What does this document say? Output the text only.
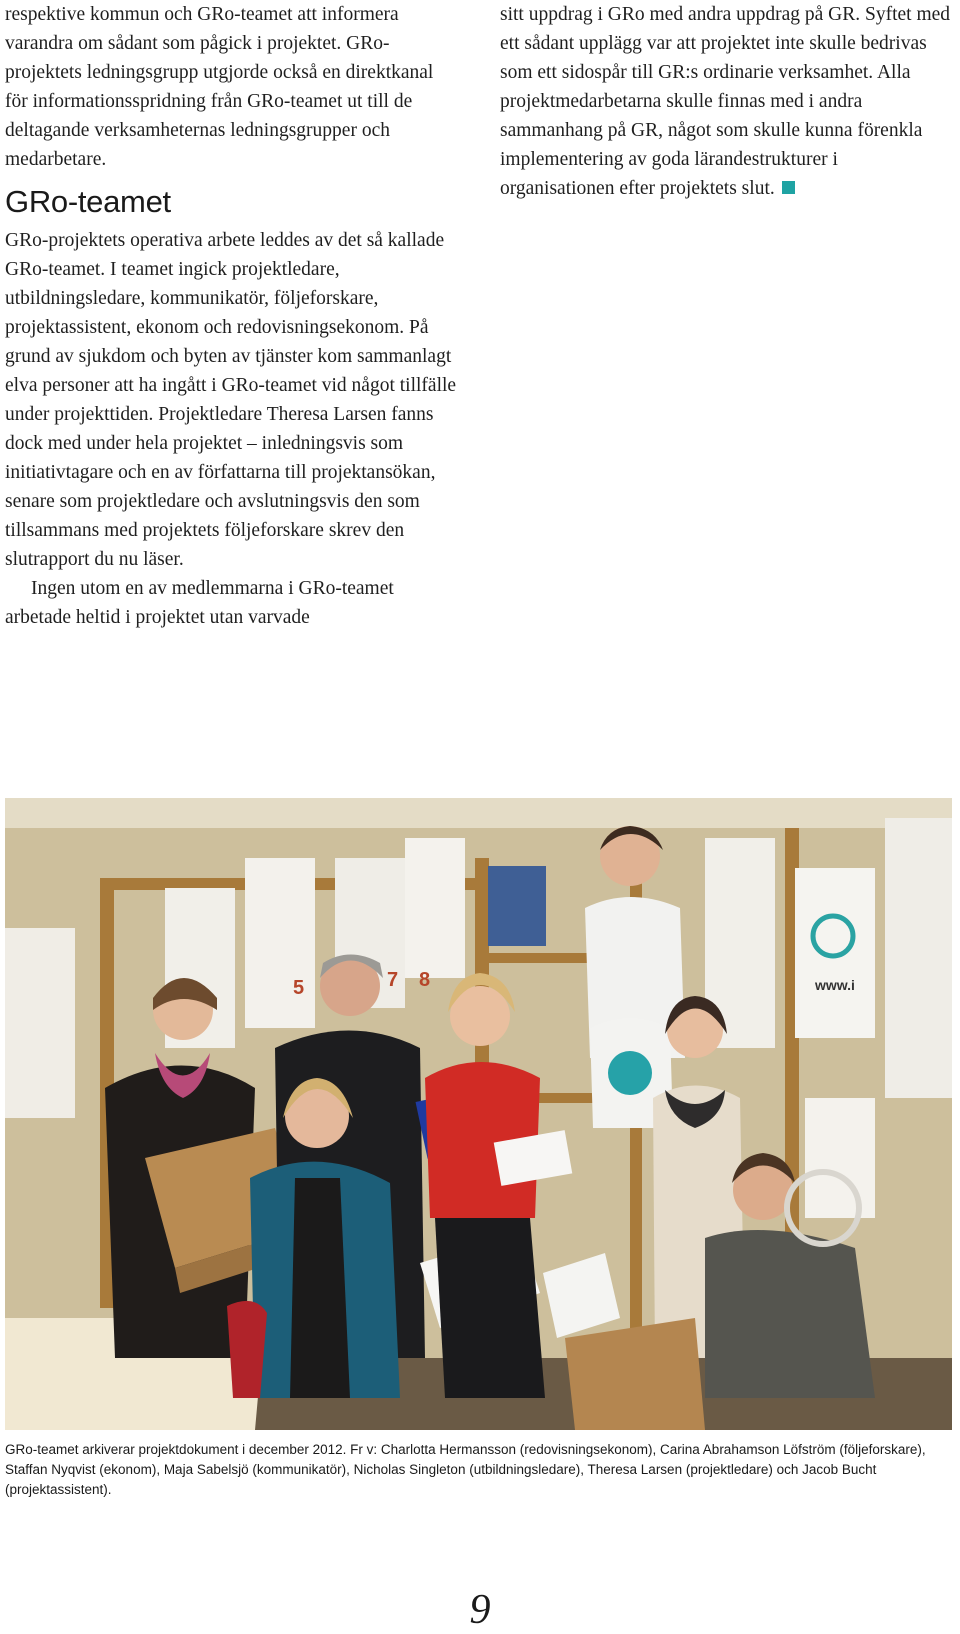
respektive kommun och GRo-teamet att informera varandra om sådant som pågick i projektet. GRo-projektets ledningsgrupp utgjorde också en direktkanal för informationsspridning från GRo-teamet ut till de deltagande verksamheternas ledningsgrupper och medarbetare.

GRo-teamet

GRo-projektets operativa arbete leddes av det så kallade GRo-teamet. I teamet ingick projektledare, utbildningsledare, kommunikatör, följeforskare, projektassistent, ekonom och redovisningsekonom. På grund av sjukdom och byten av tjänster kom sammanlagt elva personer att ha ingått i GRo-teamet vid något tillfälle under projekttiden. Projektledare Theresa Larsen fanns dock med under hela projektet – inledningsvis som initiativtagare och en av författarna till projektansökan, senare som projektledare och avslutningsvis den som tillsammans med projektets följeforskare skrev den slutrapport du nu läser.

Ingen utom en av medlemmarna i GRo-teamet arbetade heltid i projektet utan varvade

sitt uppdrag i GRo med andra uppdrag på GR. Syftet med ett sådant upplägg var att projektet inte skulle bedrivas som ett sidospår till GR:s ordinarie verksamhet. Alla projektmedarbetarna skulle finnas med i andra sammanhang på GR, något som skulle kunna förenkla implementering av goda lärandestrukturer i organisationen efter projektets slut.

5	7 8	www.i
GRo-teamet arkiverar projektdokument i december 2012. Fr v: Charlotta Hermansson (redovisningsekonom), Carina Abrahamson Löfström (följeforskare), Staffan Nyqvist (ekonom), Maja Sabelsjö (kommunikatör), Nicholas Singleton (utbildningsledare), Theresa Larsen (projektledare) och Jacob Bucht (projektassistent).
9
